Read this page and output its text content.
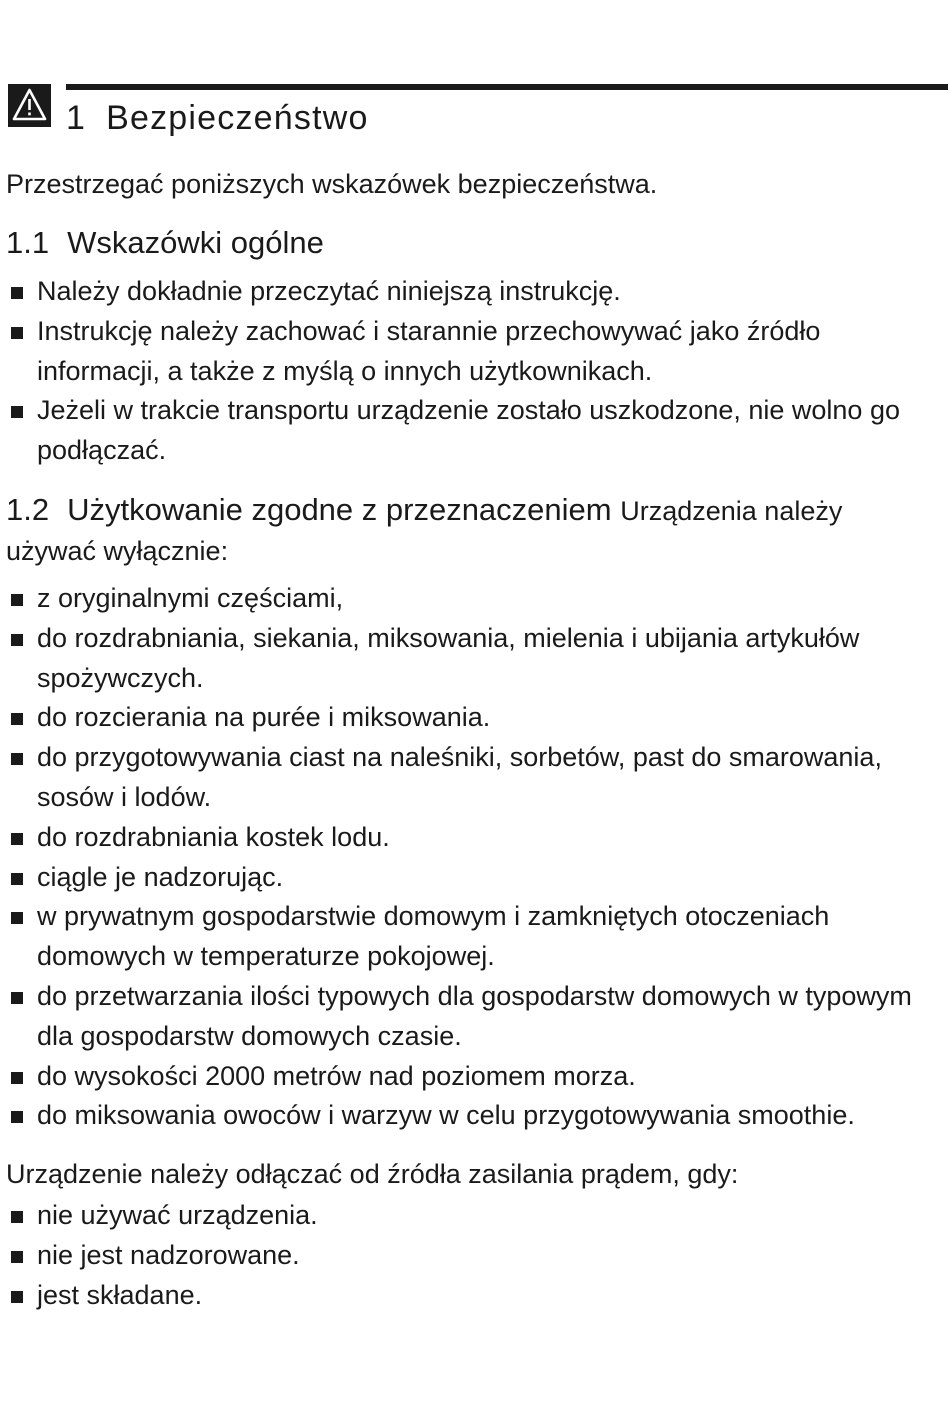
1 Bezpieczeństwo
Przestrzegać poniższych wskazówek bezpieczeństwa.
1.1 Wskazówki ogólne
Należy dokładnie przeczytać niniejszą instrukcję.
Instrukcję należy zachować i starannie przechowywać jako źródło informacji, a także z myślą o innych użytkownikach.
Jeżeli w trakcie transportu urządzenie zostało uszkodzone, nie wolno go podłączać.
1.2 Użytkowanie zgodne z przeznaczeniem Urządzenia należy
używać wyłącznie:
z oryginalnymi częściami,
do rozdrabniania, siekania, miksowania, mielenia i ubijania artykułów spożywczych.
do rozcierania na purée i miksowania.
do przygotowywania ciast na naleśniki, sorbetów, past do smarowania, sosów i lodów.
do rozdrabniania kostek lodu.
ciągle je nadzorując.
w prywatnym gospodarstwie domowym i zamkniętych otoczeniach domowych w temperaturze pokojowej.
do przetwarzania ilości typowych dla gospodarstw domowych w typowym dla gospodarstw domowych czasie.
do wysokości 2000 metrów nad poziomem morza.
do miksowania owoców i warzyw w celu przygotowywania smoothie.
Urządzenie należy odłączać od źródła zasilania prądem, gdy:
nie używać urządzenia.
nie jest nadzorowane.
jest składane.
